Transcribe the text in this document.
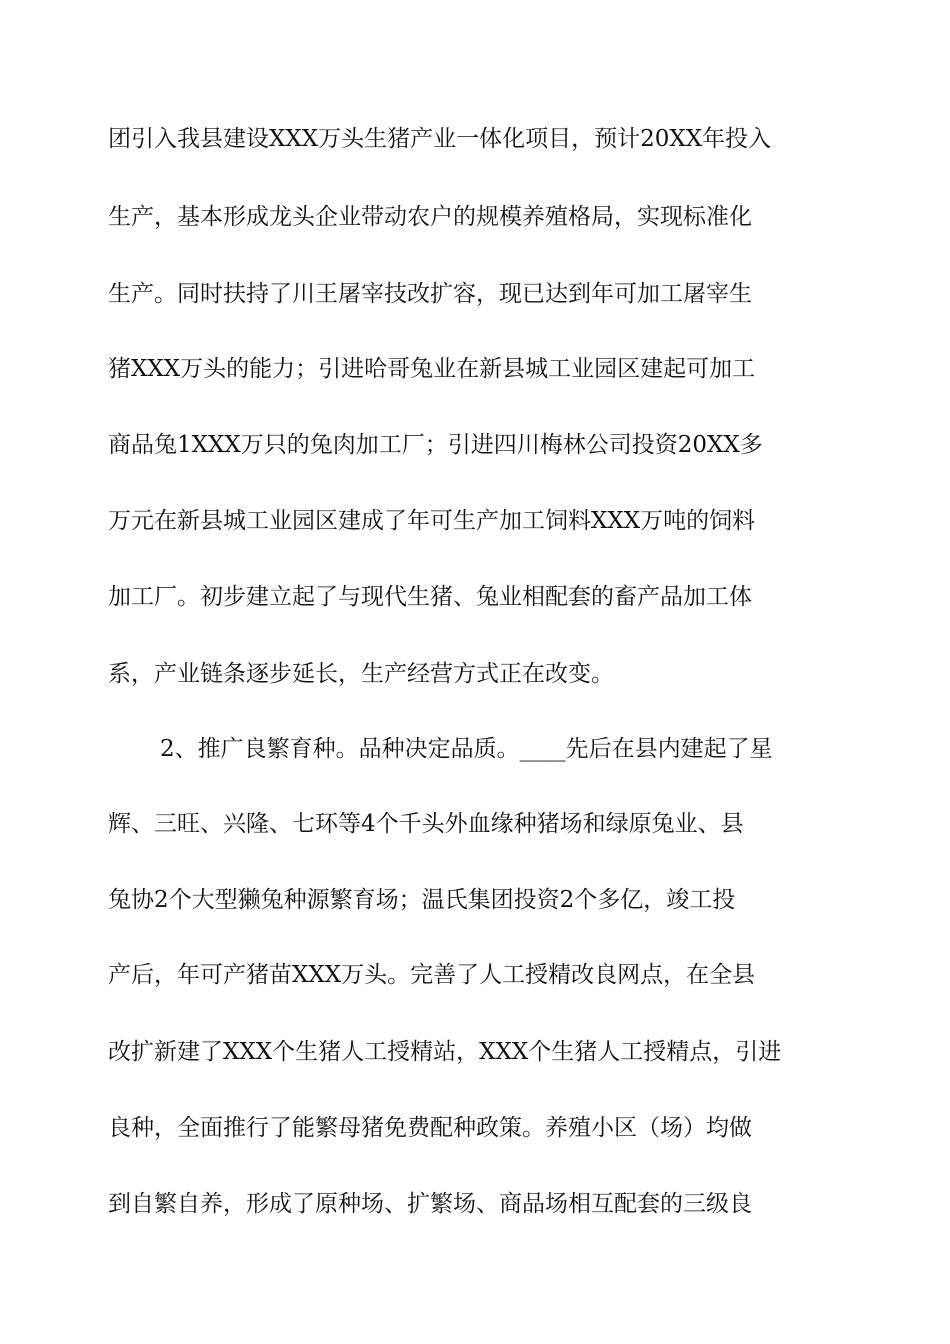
团引入我县建设XXX万头生猪产业一体化项目，预计20XX年投入
生产，基本形成龙头企业带动农户的规模养殖格局，实现标准化
生产。同时扶持了川王屠宰技改扩容，现已达到年可加工屠宰生
猪XXX万头的能力；引进哈哥兔业在新县城工业园区建起可加工
商品兔1XXX万只的兔肉加工厂；引进四川梅林公司投资20XX多
万元在新县城工业园区建成了年可生产加工饲料XXX万吨的饲料
加工厂。初步建立起了与现代生猪、兔业相配套的畜产品加工体
系，产业链条逐步延长，生产经营方式正在改变。
2、推广良繁育种。品种决定品质。____先后在县内建起了星
辉、三旺、兴隆、七环等4个千头外血缘种猪场和绿原兔业、县
兔协2个大型獭兔种源繁育场；温氏集团投资2个多亿，竣工投
产后，年可产猪苗XXX万头。完善了人工授精改良网点，在全县
改扩新建了XXX个生猪人工授精站，XXX个生猪人工授精点，引进
良种，全面推行了能繁母猪免费配种政策。养殖小区（场）均做
到自繁自养，形成了原种场、扩繁场、商品场相互配套的三级良
